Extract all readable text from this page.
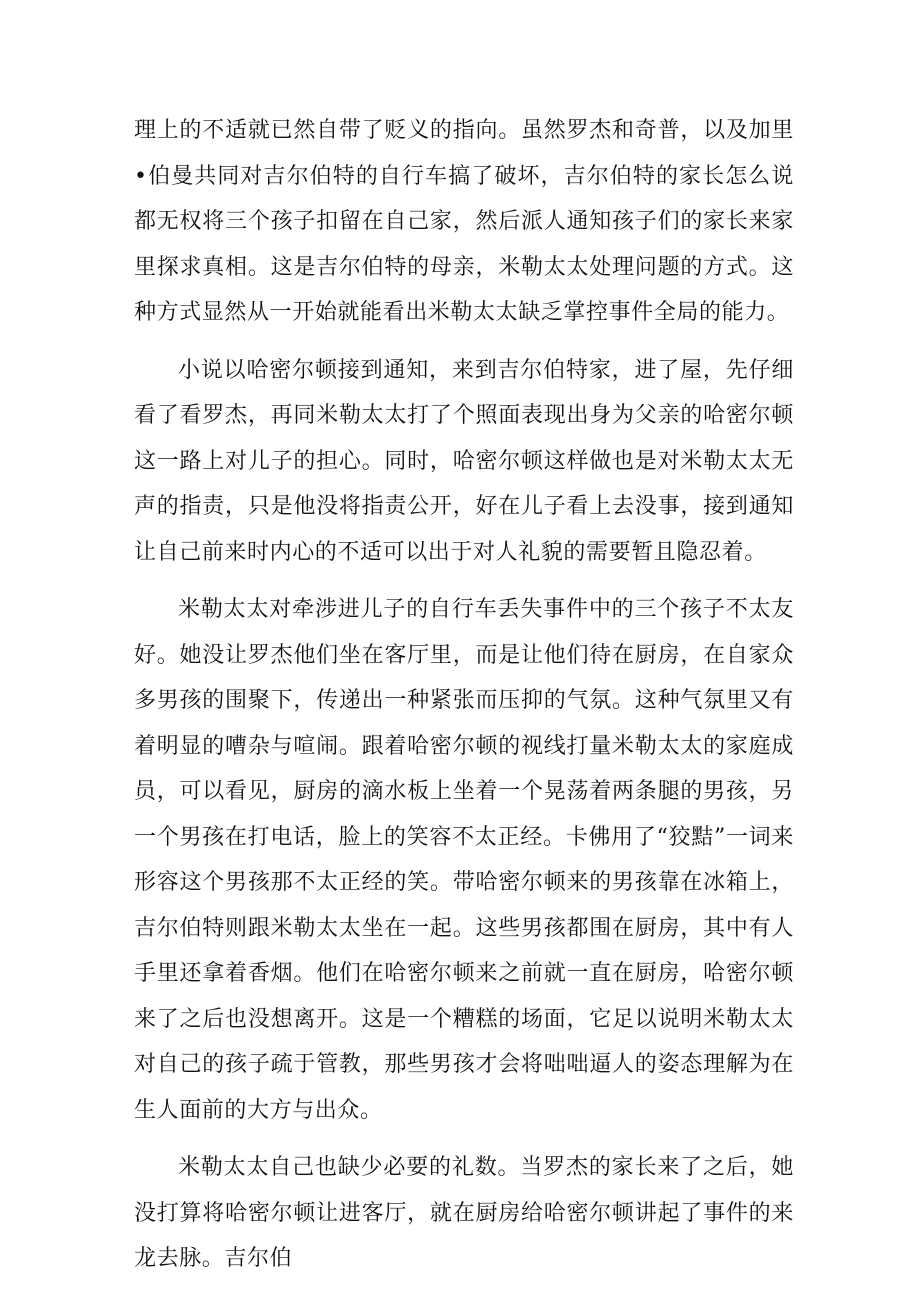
理上的不适就已然自带了贬义的指向。虽然罗杰和奇普，以及加里•伯曼共同对吉尔伯特的自行车搞了破坏，吉尔伯特的家长怎么说都无权将三个孩子扣留在自己家，然后派人通知孩子们的家长来家里探求真相。这是吉尔伯特的母亲，米勒太太处理问题的方式。这种方式显然从一开始就能看出米勒太太缺乏掌控事件全局的能力。

小说以哈密尔顿接到通知，来到吉尔伯特家，进了屋，先仔细看了看罗杰，再同米勒太太打了个照面表现出身为父亲的哈密尔顿这一路上对儿子的担心。同时，哈密尔顿这样做也是对米勒太太无声的指责，只是他没将指责公开，好在儿子看上去没事，接到通知让自己前来时内心的不适可以出于对人礼貌的需要暂且隐忍着。

米勒太太对牵涉进儿子的自行车丢失事件中的三个孩子不太友好。她没让罗杰他们坐在客厅里，而是让他们待在厨房，在自家众多男孩的围聚下，传递出一种紧张而压抑的气氛。这种气氛里又有着明显的嘈杂与喧闹。跟着哈密尔顿的视线打量米勒太太的家庭成员，可以看见，厨房的滴水板上坐着一个晃荡着两条腿的男孩，另一个男孩在打电话，脸上的笑容不太正经。卡佛用了“狡黠”一词来形容这个男孩那不太正经的笑。带哈密尔顿来的男孩靠在冰箱上，吉尔伯特则跟米勒太太坐在一起。这些男孩都围在厨房，其中有人手里还拿着香烟。他们在哈密尔顿来之前就一直在厨房，哈密尔顿来了之后也没想离开。这是一个糟糕的场面，它足以说明米勒太太对自己的孩子疏于管教，那些男孩才会将咄咄逼人的姿态理解为在生人面前的大方与出众。

米勒太太自己也缺少必要的礼数。当罗杰的家长来了之后，她没打算将哈密尔顿让进客厅，就在厨房给哈密尔顿讲起了事件的来龙去脉。吉尔伯
